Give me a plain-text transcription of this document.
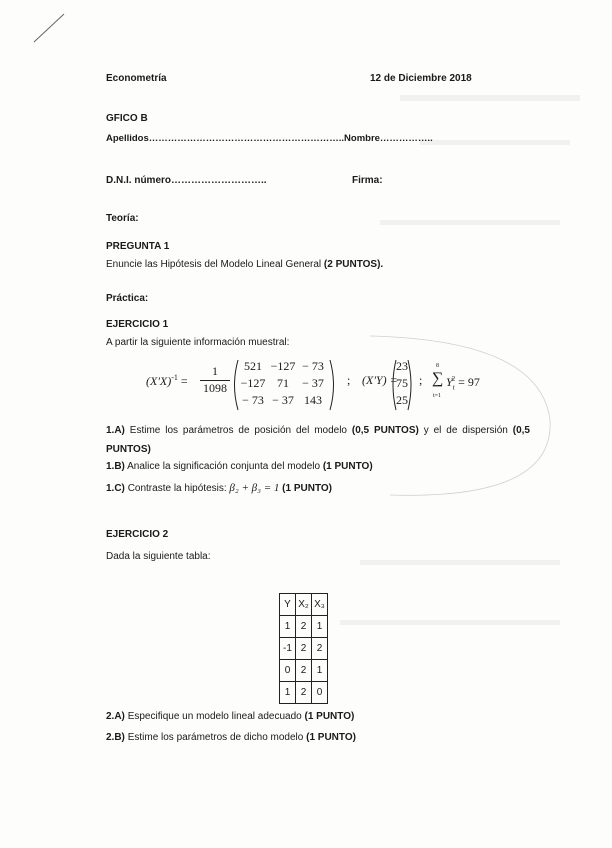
Econometría	12 de Diciembre 2018
GFICO B
Apellidos……………………………………………………..Nombre……………..
D.N.I. número………………………..	Firma:
Teoría:
PREGUNTA 1
Enuncie las Hipótesis del Modelo Lineal General (2 PUNTOS).
Práctica:
EJERCICIO 1
A partir la siguiente información muestral:
$(X'X)^{-1}$ =
1
1098
521 −127 − 73
−127 71	− 37
− 73 − 37 143
; (X'Y) =
23
75
25
; ∑
8
t=1
$Y_t^2 = 97$
1.A) Estime los parámetros de posición del modelo (0,5 PUNTOS) y el de dispersión (0,5 PUNTOS)
1.B) Analice la significación conjunta del modelo (1 PUNTO)
1.C) Contraste la hipótesis: β₂ + β₃ = 1 (1 PUNTO)
EJERCICIO 2
Dada la siguiente tabla:
Y	X₂	X₃
1	2	1
-1	2	2
0	2	1
1	2	0
2.A) Especifique un modelo lineal adecuado (1 PUNTO)
2.B) Estime los parámetros de dicho modelo (1 PUNTO)
